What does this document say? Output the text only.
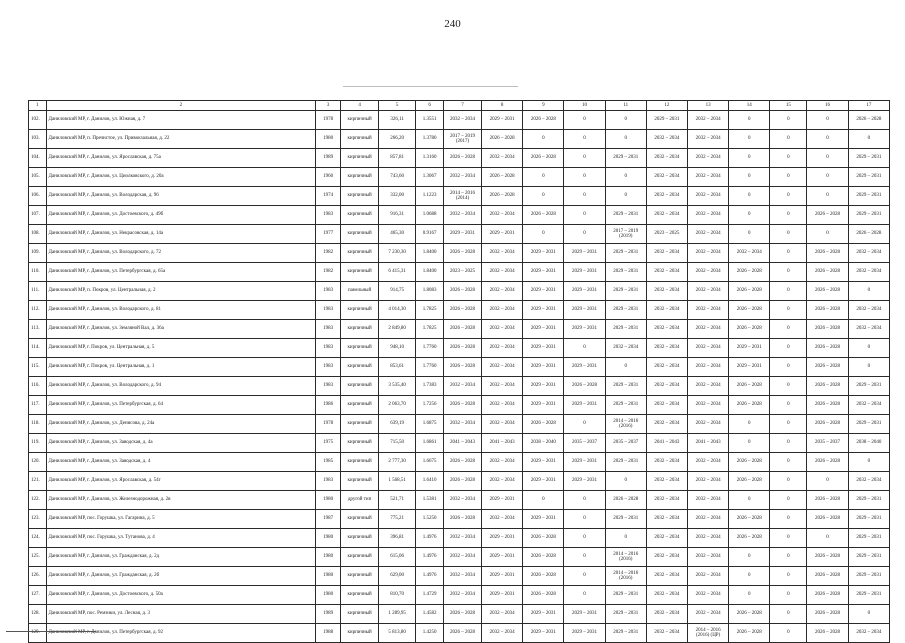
240
1	2	3	4	5	6	7	8	9	10	11	12	13	14	15	16	17
102.	Даниловский МР, г. Данилов, ул. Южная, д. 7	1978	кирпичный	326,11	1.3551	2032 – 2034	2029 – 2031	2026 – 2028	0	0	2029 – 2031	2032 – 2034	0	0	0	2026 – 2028
103.	Даниловский МР, п. Пречистое, ул. Привокзальная, д. 22	1980	кирпичный	266,20	1.3780	2017 – 2019 (2017)	2026 – 2028	0	0	0	2032 – 2034	2032 – 2034	0	0	0	0
104.	Даниловский МР, г. Данилов, ул. Ярославская, д. 75а	1989	кирпичный	857,81	1.3160	2026 – 2028	2032 – 2034	2026 – 2028	0	2029 – 2031	2032 – 2034	2032 – 2034	0	0	0	2029 – 2031
105.	Даниловский МР, г. Данилов, ул. Циолковского, д. 20а	1960	кирпичный	743,60	1.3067	2032 – 2034	2026 – 2028	0	0	0	2032 – 2034	2032 – 2034	0	0	0	2029 – 2031
106.	Даниловский МР, г. Данилов, ул. Володарская, д. 96	1974	кирпичный	332,00	1.1223	2014 – 2016 (2014)	2026 – 2028	0	0	0	2032 – 2034	2032 – 2034	0	0	0	2029 – 2031
107.	Даниловский МР, г. Данилов, ул. Достоевского, д. 49б	1983	кирпичный	916,31	1.0688	2032 – 2034	2032 – 2034	2026 – 2028	0	2029 – 2031	2032 – 2034	2032 – 2034	0	0	2026 – 2028	2029 – 2031
108.	Даниловский МР, г. Данилов, ул. Некрасовская, д. 14а	1977	кирпичный	465,30	0.9167	2029 – 2031	2029 – 2031	0	0	2017 – 2019 (2019)	2023 – 2025	2032 – 2034	0	0	0	2026 – 2028
109.	Даниловский МР, г. Данилов, ул. Володарского, д. 72	1982	кирпичный	7 230,30	1.8400	2026 – 2028	2032 – 2034	2029 – 2031	2029 – 2031	2029 – 2031	2032 – 2034	2032 – 2034	2032 – 2034	0	2026 – 2028	2032 – 2034
110.	Даниловский МР, г. Данилов, ул. Петербургская, д. 65а	1982	кирпичный	6 415,31	1.8400	2023 – 2025	2032 – 2034	2029 – 2031	2029 – 2031	2029 – 2031	2032 – 2034	2032 – 2034	2026 – 2028	0	2026 – 2028	2032 – 2034
111.	Даниловский МР, п. Покров, ул. Центральная, д. 2	1983	панельный	914,75	1.8083	2026 – 2028	2032 – 2034	2029 – 2031	2029 – 2031	2029 – 2031	2032 – 2034	2032 – 2034	2026 – 2028	0	2026 – 2028	0
112.	Даниловский МР, г. Данилов, ул. Володарского, д. 81	1983	кирпичный	4 014,30	1.7825	2026 – 2028	2032 – 2034	2029 – 2031	2029 – 2031	2029 – 2031	2032 – 2034	2032 – 2034	2026 – 2028	0	2026 – 2028	2032 – 2034
113.	Даниловский МР, г. Данилов, ул. Земляной Вал, д. 36а	1983	кирпичный	2 849,80	1.7825	2026 – 2028	2032 – 2034	2029 – 2031	2029 – 2031	2029 – 2031	2032 – 2034	2032 – 2034	2026 – 2028	0	2026 – 2028	2032 – 2034
114.	Даниловский МР, г. Покров, ул. Центральная, д. 5	1983	кирпичный	948,10	1.7760	2026 – 2028	2032 – 2034	2029 – 2031	0	2032 – 2034	2032 – 2034	2032 – 2034	2029 – 2031	0	2026 – 2028	0
115.	Даниловский МР, г. Покров, ул. Центральная, д. 1	1983	кирпичный	853,61	1.7760	2026 – 2028	2032 – 2034	2029 – 2031	2029 – 2031	0	2032 – 2034	2032 – 2034	2029 – 2031	0	2026 – 2028	0
116.	Даниловский МР, г. Данилов, ул. Володарского, д. 94	1983	кирпичный	3 535,40	1.7383	2032 – 2034	2032 – 2034	2029 – 2031	2026 – 2028	2029 – 2031	2032 – 2034	2032 – 2034	2026 – 2028	0	2026 – 2028	2029 – 2031
117.	Даниловский МР, г. Данилов, ул. Петербургская, д. 64	1986	кирпичный	2 063,70	1.7256	2026 – 2028	2032 – 2034	2029 – 2031	2029 – 2031	2029 – 2031	2032 – 2034	2032 – 2034	2026 – 2028	0	2026 – 2028	2032 – 2034
118.	Даниловский МР, г. Данилов, ул. Денисова, д. 24а	1978	кирпичный	639,19	1.6875	2032 – 2034	2032 – 2034	2026 – 2028	0	2014 – 2016 (2016)	2032 – 2034	2032 – 2034	0	0	2026 – 2028	2029 – 2031
119.	Даниловский МР, г. Данилов, ул. Заводская, д. 4а	1975	кирпичный	715,50	1.6861	2041 – 2043	2041 – 2043	2038 – 2040	2035 – 2037	2035 – 2037	2041 – 2043	2041 – 2043	0	0	2035 – 2037	2038 – 2040
120.	Даниловский МР, г. Данилов, ул. Заводская, д. 4	1985	кирпичный	2 777,30	1.6675	2026 – 2028	2032 – 2034	2029 – 2031	2029 – 2031	2029 – 2031	2032 – 2034	2032 – 2034	2026 – 2028	0	2026 – 2028	0
121.	Даниловский МР, г. Данилов, ул. Ярославская, д. 54г	1983	кирпичный	1 568,51	1.6410	2026 – 2028	2032 – 2034	2029 – 2031	2029 – 2031	0	2032 – 2034	2032 – 2034	2026 – 2028	0	0	2032 – 2034
122.	Даниловский МР, г. Данилов, ул. Железнодорожная, д. 2в	1980	другой тип	521,71	1.5381	2032 – 2034	2029 – 2031	0	0	2026 – 2028	2032 – 2034	2032 – 2034	0	0	2026 – 2028	2029 – 2031
123.	Даниловский МР, пос. Горушка, ул. Гагарина, д. 5	1987	кирпичный	775,21	1.5250	2026 – 2028	2032 – 2034	2029 – 2031	0	2029 – 2031	2032 – 2034	2032 – 2034	2026 – 2028	0	2026 – 2028	2029 – 2031
124.	Даниловский МР, пос. Горушка, ул. Тутанова, д. 4	1980	кирпичный	396,81	1.4976	2032 – 2034	2029 – 2031	2026 – 2028	0	0	2032 – 2034	2032 – 2034	2026 – 2028	0	0	2029 – 2031
125.	Даниловский МР, г. Данилов, ул. Гражданская, д. 2д	1980	кирпичный	615,06	1.4976	2032 – 2034	2029 – 2031	2026 – 2028	0	2014 – 2016 (2016)	2032 – 2034	2032 – 2034	0	0	2026 – 2028	2029 – 2031
126.	Даниловский МР, г. Данилов, ул. Гражданская, д. 2б	1980	кирпичный	629,00	1.4976	2032 – 2034	2029 – 2031	2026 – 2028	0	2014 – 2016 (2016)	2032 – 2034	2032 – 2034	0	0	2026 – 2028	2029 – 2031
127.	Даниловский МР, г. Данилов, ул. Достоевского, д. 50а	1980	кирпичный	810,70	1.4729	2032 – 2034	2029 – 2031	2026 – 2028	0	2029 – 2031	2032 – 2034	2032 – 2034	0	0	2026 – 2028	2029 – 2031
128.	Даниловский МР, пос. Ремзики, ул. Лесная, д. 3	1989	кирпичный	1 289,95	1.4582	2026 – 2028	2032 – 2034	2029 – 2031	2029 – 2031	2029 – 2031	2032 – 2034	2032 – 2034	2026 – 2028	0	2026 – 2028	0
129.	Даниловский МР, г. Данилов, ул. Петербургская, д. 92	1988	кирпичный	5 813,80	1.4250	2026 – 2028	2032 – 2034	2029 – 2031	2029 – 2031	2029 – 2031	2032 – 2034	2014 – 2016 (2016) (ЦР)	2026 – 2028	0	2026 – 2028	2032 – 2034
